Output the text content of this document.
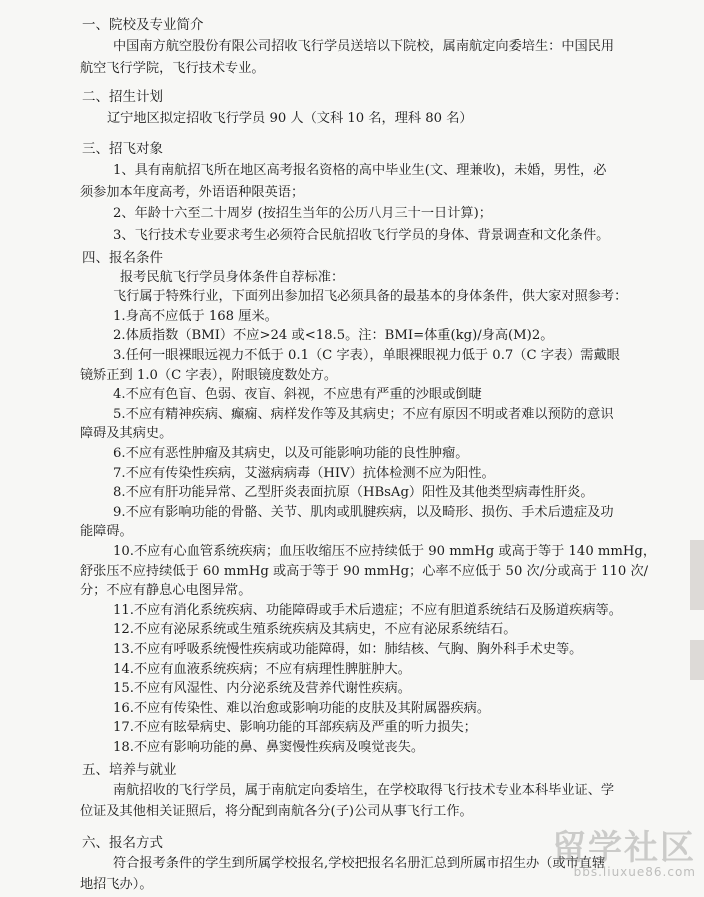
一、院校及专业简介
中国南方航空股份有限公司招收飞行学员送培以下院校，属南航定向委培生：中国民用
航空飞行学院，飞行技术专业。
二、招生计划
辽宁地区拟定招收飞行学员 90 人（文科 10 名，理科 80 名）
三、招飞对象
1、具有南航招飞所在地区高考报名资格的高中毕业生(文、理兼收)，未婚，男性，必
须参加本年度高考，外语语种限英语；
2、年龄十六至二十周岁 (按招生当年的公历八月三十一日计算)；
3、飞行技术专业要求考生必须符合民航招收飞行学员的身体、背景调查和文化条件。
四、报名条件
报考民航飞行学员身体条件自荐标准：
飞行属于特殊行业，下面列出参加招飞必须具备的最基本的身体条件，供大家对照参考：
1.身高不应低于 168 厘米。
2.体质指数（BMI）不应>24 或<18.5。注：BMI=体重(kg)/身高(M)2。
3.任何一眼裸眼远视力不低于 0.1（C 字表），单眼裸眼视力低于 0.7（C 字表）需戴眼
镜矫正到 1.0（C 字表），附眼镜度数处方。
4.不应有色盲、色弱、夜盲、斜视，不应患有严重的沙眼或倒睫
5.不应有精神疾病、癫痫、病样发作等及其病史；不应有原因不明或者难以预防的意识
障碍及其病史。
6.不应有恶性肿瘤及其病史，以及可能影响功能的良性肿瘤。
7.不应有传染性疾病，艾滋病病毒（HIV）抗体检测不应为阳性。
8.不应有肝功能异常、乙型肝炎表面抗原（HBsAg）阳性及其他类型病毒性肝炎。
9.不应有影响功能的骨骼、关节、肌肉或肌腱疾病，以及畸形、损伤、手术后遗症及功
能障碍。
10.不应有心血管系统疾病；血压收缩压不应持续低于 90 mmHg 或高于等于 140 mmHg，
舒张压不应持续低于 60 mmHg 或高于等于 90 mmHg；心率不应低于 50 次/分或高于 110 次/
分；不应有静息心电图异常。
11.不应有消化系统疾病、功能障碍或手术后遗症；不应有胆道系统结石及肠道疾病等。
12.不应有泌尿系统或生殖系统疾病及其病史，不应有泌尿系统结石。
13.不应有呼吸系统慢性疾病或功能障碍，如：肺结核、气胸、胸外科手术史等。
14.不应有血液系统疾病；不应有病理性脾脏肿大。
15.不应有风湿性、内分泌系统及营养代谢性疾病。
16.不应有传染性、难以治愈或影响功能的皮肤及其附属器疾病。
17.不应有眩晕病史、影响功能的耳部疾病及严重的听力损失；
18.不应有影响功能的鼻、鼻窦慢性疾病及嗅觉丧失。
五、培养与就业
南航招收的飞行学员，属于南航定向委培生，在学校取得飞行技术专业本科毕业证、学
位证及其他相关证照后，将分配到南航各分(子)公司从事飞行工作。
六、报名方式
符合报考条件的学生到所属学校报名,学校把报名名册汇总到所属市招生办（或市直辖
地招飞办）。
留学社区
bbs.liuxue86.com
